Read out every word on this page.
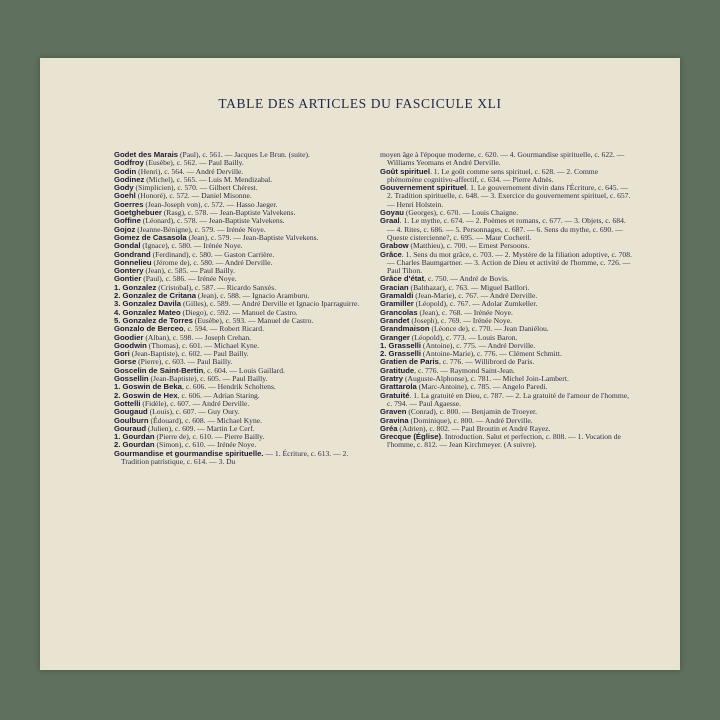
TABLE DES ARTICLES DU FASCICULE XLI
Godet des Marais (Paul), c. 561. — Jacques Le Brun. (suite).
Godfroy (Eusèbe), c. 562. — Paul Bailly.
Godin (Henri), c. 564. — André Derville.
Godinez (Michel), c. 565. — Luis M. Mendizabal.
Gody (Simplicien), c. 570. — Gilbert Chérest.
Goehl (Honoré), c. 572. — Daniel Misonne.
Goerres (Jean-Joseph von), c. 572. — Hasso Jaeger.
Goetghebuer (Rasg), c. 578. — Jean-Baptiste Valvekens.
Goffine (Léonard), c. 578. — Jean-Baptiste Valvekens.
Gojoz (Jeanne-Bénigne), c. 579. — Irénée Noye.
Gomez de Casasola (Jean), c. 579. — Jean-Baptiste Valvekens.
Gondal (Ignace), c. 580. — Irénée Noye.
Gondrand (Ferdinand), c. 580. — Gaston Carrière.
Gonnelieu (Jérome de), c. 580. — André Derville.
Gontery (Jean), c. 585. — Paul Bailly.
Gontier (Paul), c. 586. — Irénée Noye.
1. Gonzalez (Cristobal), c. 587. — Ricardo Sanxès.
2. Gonzalez de Critana (Jean), c. 588. — Ignacio Aramburu.
3. Gonzalez Davila (Gilles), c. 589. — André Derville et Ignacio Iparraguirre.
4. Gonzalez Mateo (Diego), c. 592. — Manuel de Castro.
5. Gonzalez de Torres (Eusèbe), c. 593. — Manuel de Castro.
Gonzalo de Berceo, c. 594. — Robert Ricard.
Goodier (Alban), c. 598. — Joseph Crehan.
Goodwin (Thomas), c. 601. — Michael Kyne.
Gori (Jean-Baptiste), c. 602. — Paul Bailly.
Gorse (Pierre), c. 603. — Paul Bailly.
Goscelin de Saint-Bertin, c. 604. — Louis Gaillard.
Gossellin (Jean-Baptiste), c. 605. — Paul Bailly.
1. Goswin de Beka, c. 606. — Hendrik Scholtens.
2. Goswin de Hex, c. 606. — Adrian Staring.
Gottelli (Fidèle), c. 607. — André Derville.
Gougaud (Louis), c. 607. — Guy Oury.
Goulburn (Édouard), c. 608. — Michael Kyne.
Gouraud (Julien), c. 609. — Martin Le Cerf.
1. Gourdan (Pierre de), c. 610. — Pierre Bailly.
2. Gourdan (Simon), c. 610. — Irénée Noye.
Gourmandise et gourmandise spirituelle. — 1. Écriture, c. 613. — 2. Tradition patristique, c. 614. — 3. Du
moyen âge à l'époque moderne, c. 620. — 4. Gourmandise spirituelle, c. 622. — Williams Yeomans et André Derville.
Goût spirituel. 1. Le goût comme sens spirituel, c. 628. — 2. Comme phénomène cognitivo-affectif, c. 634. — Pierre Adnès.
Gouvernement spirituel. 1. Le gouvernement divin dans l'Écriture, c. 645. — 2. Tradition spirituelle, c. 648. — 3. Exercice du gouvernement spirituel, c. 657. — Henri Holstein.
Goyau (Georges), c. 670. — Louis Chaigne.
Graal. 1. Le mythe, c. 674. — 2. Poèmes et romans, c. 677. — 3. Objets, c. 684. — 4. Rites, c. 686. — 5. Personnages, c. 687. — 6. Sens du mythe, c. 690. — Queste cistercienne?, c. 695. — Maur Cocheril.
Grabow (Matthieu), c. 700. — Ernest Persoons.
Grâce. 1. Sens du mot grâce, c. 703. — 2. Mystère de la filiation adoptive, c. 708. — Charles Baumgartner. — 3. Action de Dieu et activité de l'homme, c. 726. — Paul Tihon.
Grâce d'état, c. 750. — André de Bovis.
Gracian (Balthazar), c. 763. — Miguel Batllori.
Gramaldi (Jean-Marie), c. 767. — André Derville.
Gramiller (Léopold), c. 767. — Adolar Zumkeller.
Grancolas (Jean), c. 768. — Irénée Noye.
Grandet (Joseph), c. 769. — Irénée Noye.
Grandmaison (Léonce de), c. 770. — Jean Daniélou.
Granger (Léopold), c. 773. — Louis Baron.
1. Grasselli (Antoine), c. 775. — André Derville.
2. Grasselli (Antoine-Marie), c. 776. — Clément Schmitt.
Gratien de Paris, c. 776. — Willibrord de Paris.
Gratitude, c. 776. — Raymond Saint-Jean.
Gratry (Auguste-Alphonse), c. 781. — Michel Join-Lambert.
Grattarola (Marc-Antoine), c. 785. — Angelo Paredi.
Gratuité. 1. La gratuité en Dieu, c. 787. — 2. La gratuité de l'amour de l'homme, c. 794. — Paul Agaesse.
Graven (Conrad), c. 800. — Benjamin de Troeyer.
Gravina (Dominique), c. 800. — André Derville.
Gréa (Adrien), c. 802. — Paul Broutin et André Rayez.
Grecque (Église). Introduction. Salut et perfection, c. 808. — 1. Vocation de l'homme, c. 812. — Jean Kirchmeyer. (A suivre).
